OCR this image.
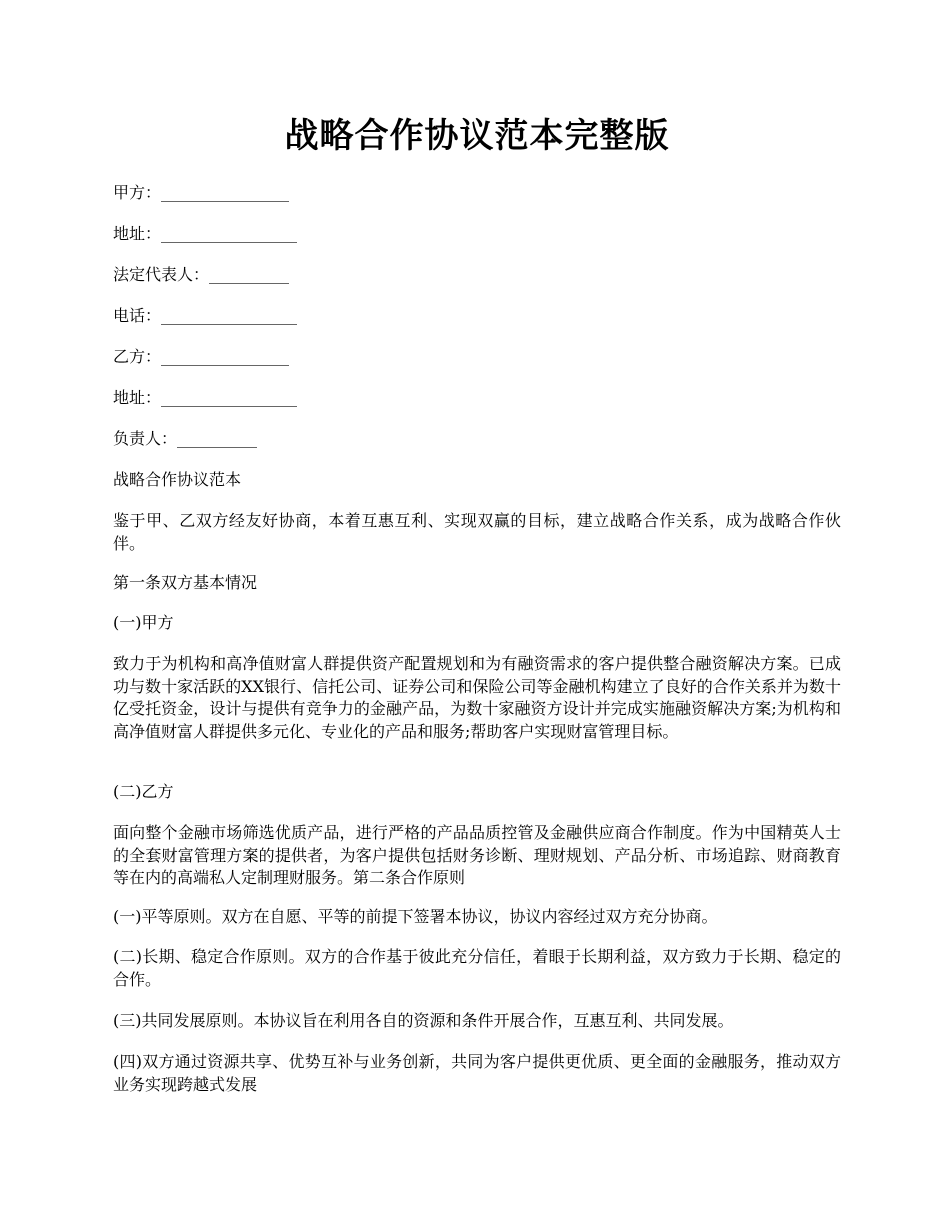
战略合作协议范本完整版
甲方：________________
地址：_________________
法定代表人：__________
电话：_________________
乙方：________________
地址：_________________
负责人：__________

战略合作协议范本

鉴于甲、乙双方经友好协商，本着互惠互利、实现双赢的目标，建立战略合作关系，成为战略合作伙伴。

第一条双方基本情况

(一)甲方

致力于为机构和高净值财富人群提供资产配置规划和为有融资需求的客户提供整合融资解决方案。已成功与数十家活跃的XX银行、信托公司、证券公司和保险公司等金融机构建立了良好的合作关系并为数十亿受托资金，设计与提供有竞争力的金融产品，为数十家融资方设计并完成实施融资解决方案;为机构和高净值财富人群提供多元化、专业化的产品和服务;帮助客户实现财富管理目标。

(二)乙方

面向整个金融市场筛选优质产品，进行严格的产品品质控管及金融供应商合作制度。作为中国精英人士的全套财富管理方案的提供者，为客户提供包括财务诊断、理财规划、产品分析、市场追踪、财商教育等在内的高端私人定制理财服务。第二条合作原则

(一)平等原则。双方在自愿、平等的前提下签署本协议，协议内容经过双方充分协商。

(二)长期、稳定合作原则。双方的合作基于彼此充分信任，着眼于长期利益，双方致力于长期、稳定的合作。

(三)共同发展原则。本协议旨在利用各自的资源和条件开展合作，互惠互利、共同发展。

(四)双方通过资源共享、优势互补与业务创新，共同为客户提供更优质、更全面的金融服务，推动双方业务实现跨越式发展
